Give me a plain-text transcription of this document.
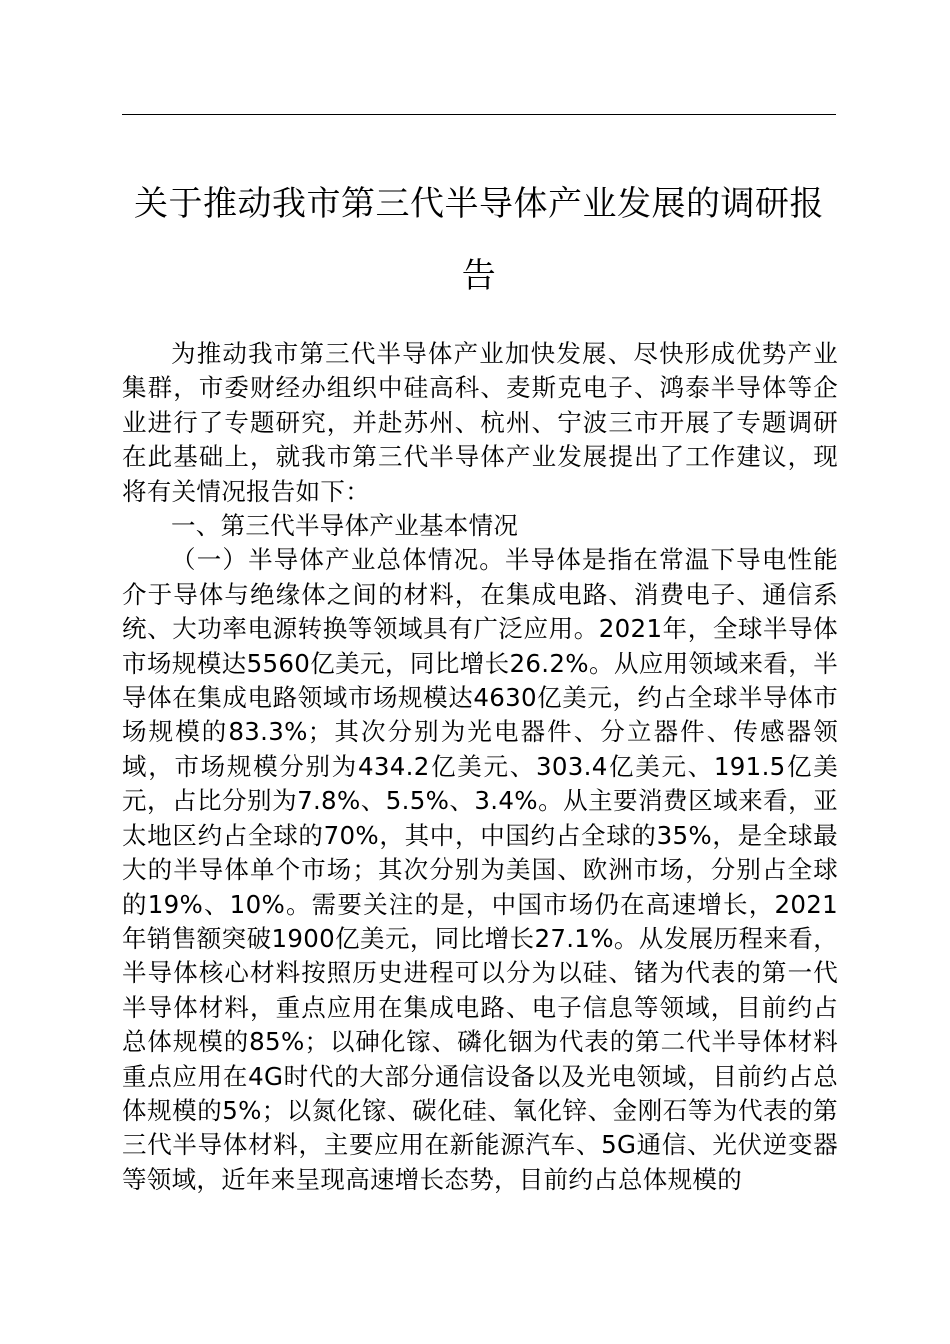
关于推动我市第三代半导体产业发展的调研报告

为推动我市第三代半导体产业加快发展、尽快形成优势产业集群，市委财经办组织中硅高科、麦斯克电子、鸿泰半导体等企业进行了专题研究，并赴苏州、杭州、宁波三市开展了专题调研在此基础上，就我市第三代半导体产业发展提出了工作建议，现将有关情况报告如下：

一、第三代半导体产业基本情况

（一）半导体产业总体情况。半导体是指在常温下导电性能介于导体与绝缘体之间的材料，在集成电路、消费电子、通信系统、大功率电源转换等领域具有广泛应用。2021年，全球半导体市场规模达5560亿美元，同比增长26.2%。从应用领域来看，半导体在集成电路领域市场规模达4630亿美元，约占全球半导体市场规模的83.3%；其次分别为光电器件、分立器件、传感器领域，市场规模分别为434.2亿美元、303.4亿美元、191.5亿美元，占比分别为7.8%、5.5%、3.4%。从主要消费区域来看，亚太地区约占全球的70%，其中，中国约占全球的35%，是全球最大的半导体单个市场；其次分别为美国、欧洲市场，分别占全球的19%、10%。需要关注的是，中国市场仍在高速增长，2021年销售额突破1900亿美元，同比增长27.1%。从发展历程来看，半导体核心材料按照历史进程可以分为以硅、锗为代表的第一代半导体材料，重点应用在集成电路、电子信息等领域，目前约占总体规模的85%；以砷化镓、磷化铟为代表的第二代半导体材料重点应用在4G时代的大部分通信设备以及光电领域，目前约占总体规模的5%；以氮化镓、碳化硅、氧化锌、金刚石等为代表的第三代半导体材料，主要应用在新能源汽车、5G通信、光伏逆变器等领域，近年来呈现高速增长态势，目前约占总体规模的
